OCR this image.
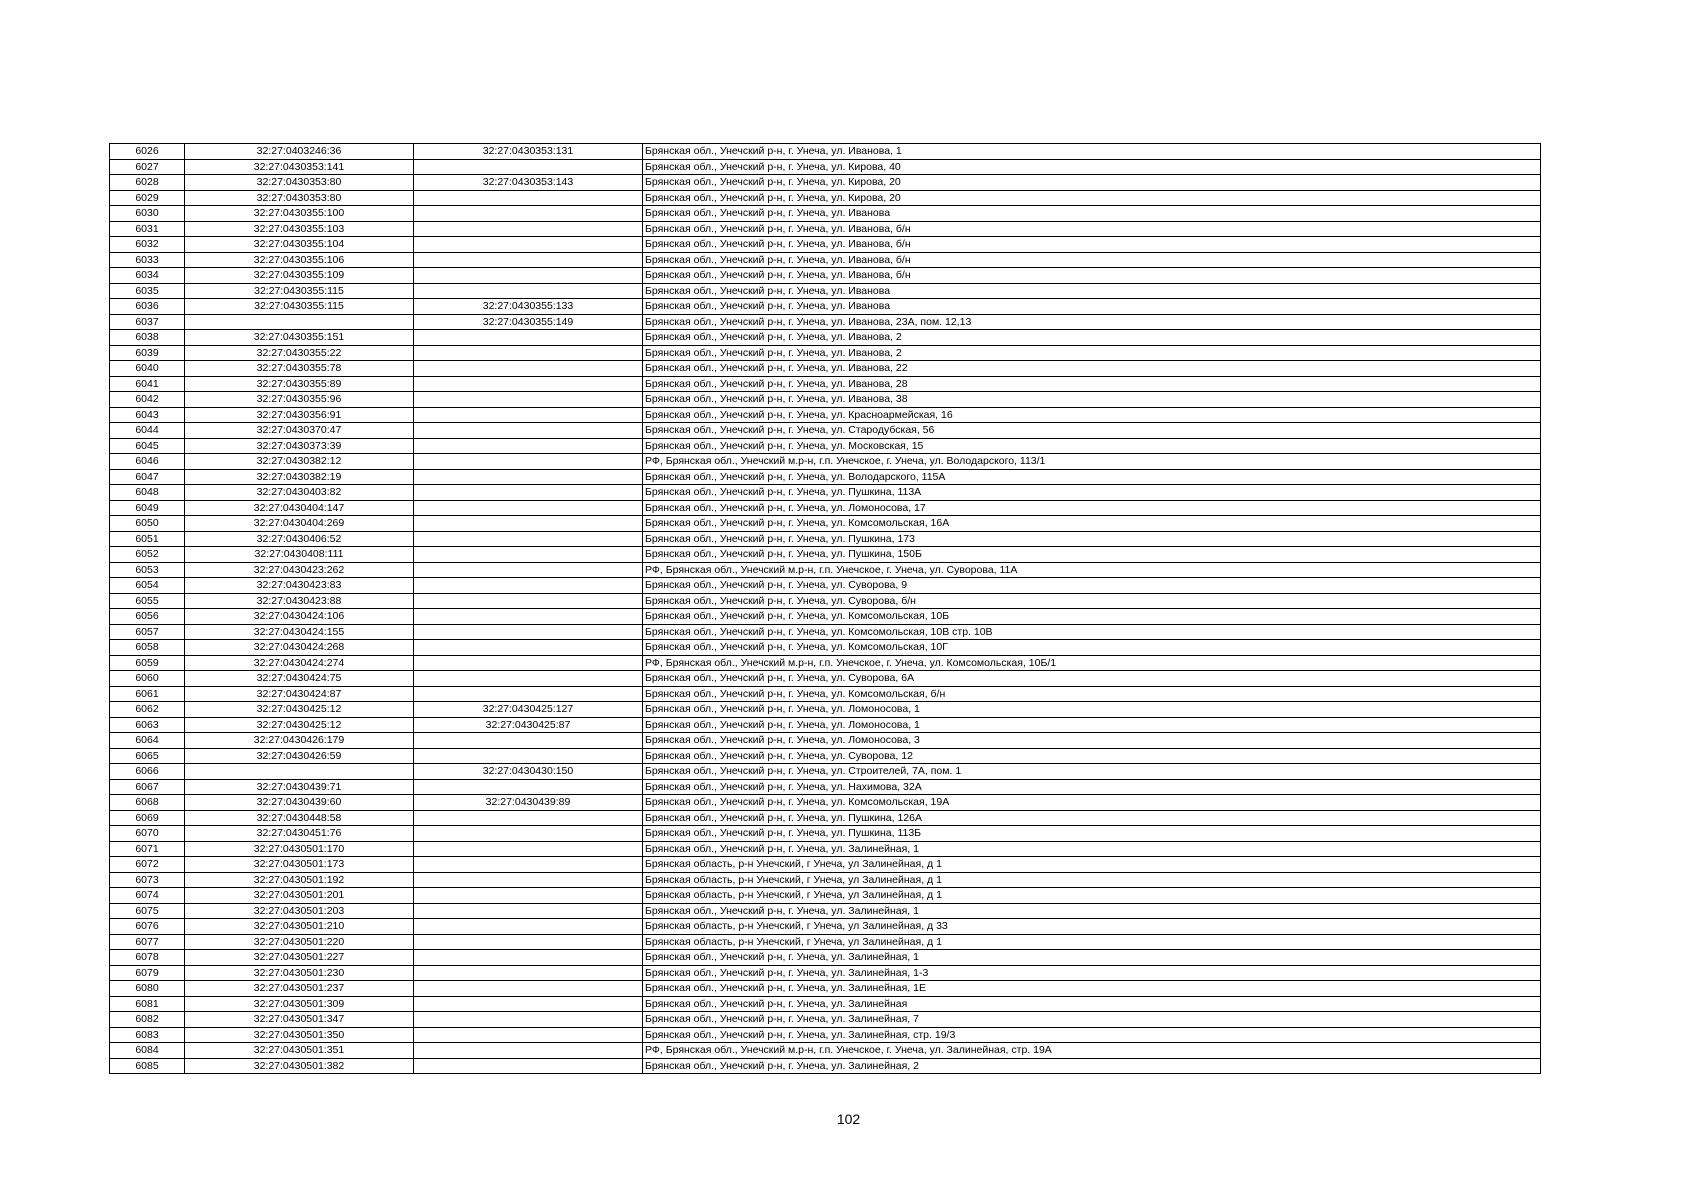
6026	32:27:0403246:36	32:27:0430353:131	Брянская обл., Унечский р-н, г. Унеча, ул. Иванова, 1
6027	32:27:0430353:141		Брянская обл., Унечский р-н, г. Унеча, ул. Кирова, 40
6028	32:27:0430353:80	32:27:0430353:143	Брянская обл., Унечский р-н, г. Унеча, ул. Кирова, 20
6029	32:27:0430353:80		Брянская обл., Унечский р-н, г. Унеча, ул. Кирова, 20
6030	32:27:0430355:100		Брянская обл., Унечский р-н, г. Унеча, ул. Иванова
6031	32:27:0430355:103		Брянская обл., Унечский р-н, г. Унеча, ул. Иванова, б/н
6032	32:27:0430355:104		Брянская обл., Унечский р-н, г. Унеча, ул. Иванова, б/н
6033	32:27:0430355:106		Брянская обл., Унечский р-н, г. Унеча, ул. Иванова, б/н
6034	32:27:0430355:109		Брянская обл., Унечский р-н, г. Унеча, ул. Иванова, б/н
6035	32:27:0430355:115		Брянская обл., Унечский р-н, г. Унеча, ул. Иванова
6036	32:27:0430355:115	32:27:0430355:133	Брянская обл., Унечский р-н, г. Унеча, ул. Иванова
6037		32:27:0430355:149	Брянская обл., Унечский р-н, г. Унеча, ул. Иванова, 23А, пом. 12,13
6038	32:27:0430355:151		Брянская обл., Унечский р-н, г. Унеча, ул. Иванова, 2
6039	32:27:0430355:22		Брянская обл., Унечский р-н, г. Унеча, ул. Иванова, 2
6040	32:27:0430355:78		Брянская обл., Унечский р-н, г. Унеча, ул. Иванова, 22
6041	32:27:0430355:89		Брянская обл., Унечский р-н, г. Унеча, ул. Иванова, 28
6042	32:27:0430355:96		Брянская обл., Унечский р-н, г. Унеча, ул. Иванова, 38
6043	32:27:0430356:91		Брянская обл., Унечский р-н, г. Унеча, ул. Красноармейская, 16
6044	32:27:0430370:47		Брянская обл., Унечский р-н, г. Унеча, ул. Стародубская, 56
6045	32:27:0430373:39		Брянская обл., Унечский р-н, г. Унеча, ул. Московская, 15
6046	32:27:0430382:12		РФ, Брянская обл., Унечский м.р-н, г.п. Унечское, г. Унеча, ул. Володарского, 113/1
6047	32:27:0430382:19		Брянская обл., Унечский р-н, г. Унеча, ул. Володарского, 115А
6048	32:27:0430403:82		Брянская обл., Унечский р-н, г. Унеча, ул. Пушкина, 113А
6049	32:27:0430404:147		Брянская обл., Унечский р-н, г. Унеча, ул. Ломоносова, 17
6050	32:27:0430404:269		Брянская обл., Унечский р-н, г. Унеча, ул. Комсомольская, 16А
6051	32:27:0430406:52		Брянская обл., Унечский р-н, г. Унеча, ул. Пушкина, 173
6052	32:27:0430408:111		Брянская обл., Унечский р-н, г. Унеча, ул. Пушкина, 150Б
6053	32:27:0430423:262		РФ, Брянская обл., Унечский м.р-н, г.п. Унечское, г. Унеча, ул. Суворова, 11А
6054	32:27:0430423:83		Брянская обл., Унечский р-н, г. Унеча, ул. Суворова, 9
6055	32:27:0430423:88		Брянская обл., Унечский р-н, г. Унеча, ул. Суворова, б/н
6056	32:27:0430424:106		Брянская обл., Унечский р-н, г. Унеча, ул. Комсомольская, 10Б
6057	32:27:0430424:155		Брянская обл., Унечский р-н, г. Унеча, ул. Комсомольская, 10В стр. 10В
6058	32:27:0430424:268		Брянская обл., Унечский р-н, г. Унеча, ул. Комсомольская, 10Г
6059	32:27:0430424:274		РФ, Брянская обл., Унечский м.р-н, г.п. Унечское, г. Унеча, ул. Комсомольская, 10Б/1
6060	32:27:0430424:75		Брянская обл., Унечский р-н, г. Унеча, ул. Суворова, 6А
6061	32:27:0430424:87		Брянская обл., Унечский р-н, г. Унеча, ул. Комсомольская, б/н
6062	32:27:0430425:12	32:27:0430425:127	Брянская обл., Унечский р-н, г. Унеча, ул. Ломоносова, 1
6063	32:27:0430425:12	32:27:0430425:87	Брянская обл., Унечский р-н, г. Унеча, ул. Ломоносова, 1
6064	32:27:0430426:179		Брянская обл., Унечский р-н, г. Унеча, ул. Ломоносова, 3
6065	32:27:0430426:59		Брянская обл., Унечский р-н, г. Унеча, ул. Суворова, 12
6066		32:27:0430430:150	Брянская обл., Унечский р-н, г. Унеча, ул. Строителей, 7А, пом. 1
6067	32:27:0430439:71		Брянская обл., Унечский р-н, г. Унеча, ул. Нахимова, 32А
6068	32:27:0430439:60	32:27:0430439:89	Брянская обл., Унечский р-н, г. Унеча, ул. Комсомольская, 19А
6069	32:27:0430448:58		Брянская обл., Унечский р-н, г. Унеча, ул. Пушкина, 126А
6070	32:27:0430451:76		Брянская обл., Унечский р-н, г. Унеча, ул. Пушкина, 113Б
6071	32:27:0430501:170		Брянская обл., Унечский р-н, г. Унеча, ул. Залинейная, 1
6072	32:27:0430501:173		Брянская область, р-н Унечский, г Унеча, ул Залинейная, д 1
6073	32:27:0430501:192		Брянская область, р-н Унечский, г Унеча, ул Залинейная, д 1
6074	32:27:0430501:201		Брянская область, р-н Унечский, г Унеча, ул Залинейная, д 1
6075	32:27:0430501:203		Брянская обл., Унечский р-н, г. Унеча, ул. Залинейная, 1
6076	32:27:0430501:210		Брянская область, р-н Унечский, г Унеча, ул Залинейная, д 33
6077	32:27:0430501:220		Брянская область, р-н Унечский, г Унеча, ул Залинейная, д 1
6078	32:27:0430501:227		Брянская обл., Унечский р-н, г. Унеча, ул. Залинейная, 1
6079	32:27:0430501:230		Брянская обл., Унечский р-н, г. Унеча, ул. Залинейная, 1-3
6080	32:27:0430501:237		Брянская обл., Унечский р-н, г. Унеча, ул. Залинейная, 1Е
6081	32:27:0430501:309		Брянская обл., Унечский р-н, г. Унеча, ул. Залинейная
6082	32:27:0430501:347		Брянская обл., Унечский р-н, г. Унеча, ул. Залинейная, 7
6083	32:27:0430501:350		Брянская обл., Унечский р-н, г. Унеча, ул. Залинейная, стр. 19/3
6084	32:27:0430501:351		РФ, Брянская обл., Унечский м.р-н, г.п. Унечское, г. Унеча, ул. Залинейная, стр. 19А
6085	32:27:0430501:382		Брянская обл., Унечский р-н, г. Унеча, ул. Залинейная, 2
102
